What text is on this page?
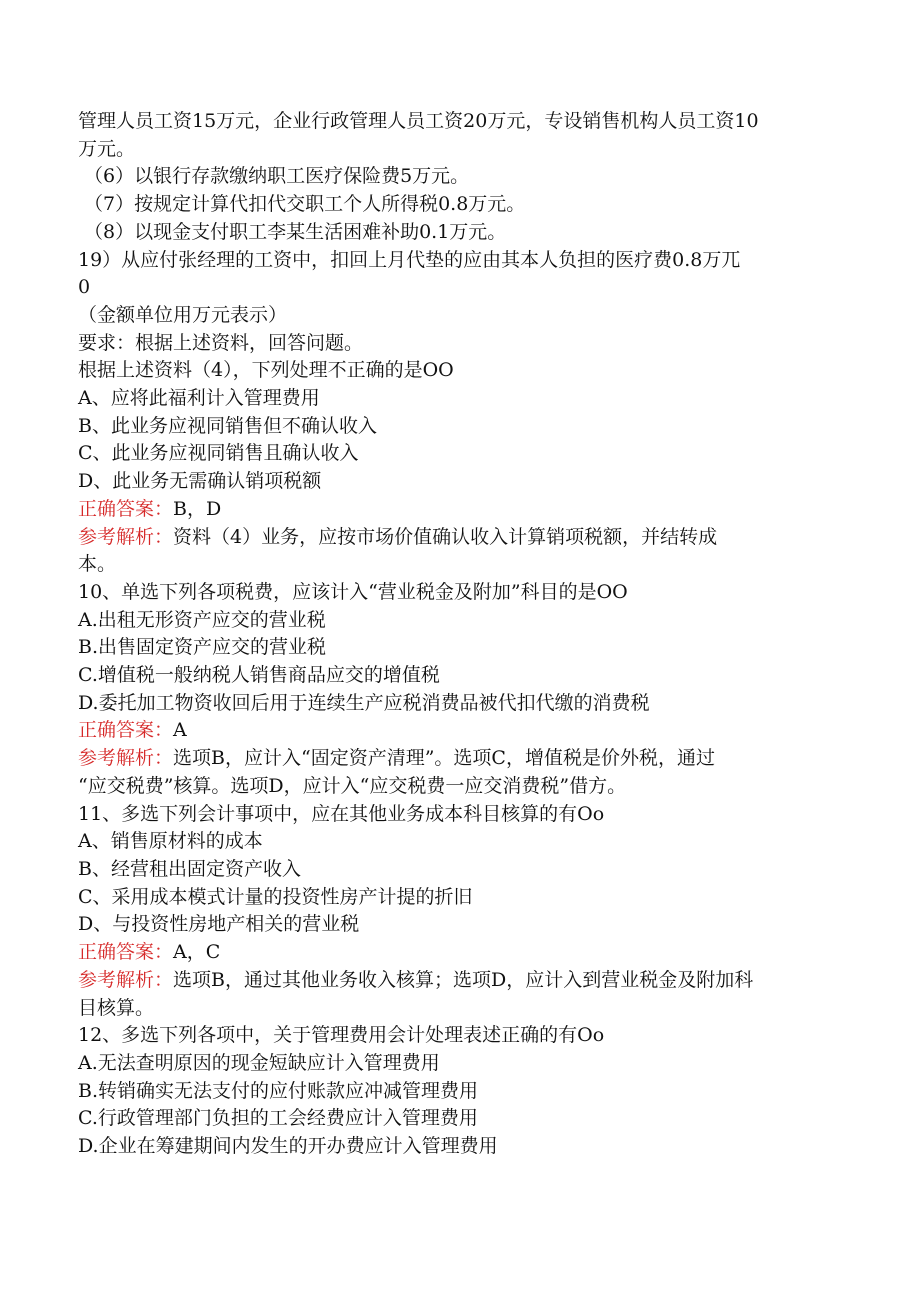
管理人员工资15万元，企业行政管理人员工资20万元，专设销售机构人员工资10
万元。
（6）以银行存款缴纳职工医疗保险费5万元。
（7）按规定计算代扣代交职工个人所得税0.8万元。
（8）以现金支付职工李某生活困难补助0.1万元。
19）从应付张经理的工资中，扣回上月代垫的应由其本人负担的医疗费0.8万兀
0
（金额单位用万元表示）
要求：根据上述资料，回答问题。
根据上述资料（4），下列处理不正确的是OO
A、应将此福利计入管理费用
B、此业务应视同销售但不确认收入
C、此业务应视同销售且确认收入
D、此业务无需确认销项税额
正确答案：B，D
参考解析：资料（4）业务，应按市场价值确认收入计算销项税额，并结转成
本。
10、单选下列各项税费，应该计入“营业税金及附加”科目的是OO
A.出租无形资产应交的营业税
B.出售固定资产应交的营业税
C.增值税一般纳税人销售商品应交的增值税
D.委托加工物资收回后用于连续生产应税消费品被代扣代缴的消费税
正确答案：A
参考解析：选项B，应计入“固定资产清理”。选项C，增值税是价外税，通过
“应交税费”核算。选项D，应计入“应交税费一应交消费税”借方。
11、多选下列会计事项中，应在其他业务成本科目核算的有Oo
A、销售原材料的成本
B、经营租出固定资产收入
C、采用成本模式计量的投资性房产计提的折旧
D、与投资性房地产相关的营业税
正确答案：A，C
参考解析：选项B，通过其他业务收入核算；选项D，应计入到营业税金及附加科
目核算。
12、多选下列各项中，关于管理费用会计处理表述正确的有Oo
A.无法查明原因的现金短缺应计入管理费用
B.转销确实无法支付的应付账款应冲减管理费用
C.行政管理部门负担的工会经费应计入管理费用
D.企业在筹建期间内发生的开办费应计入管理费用
